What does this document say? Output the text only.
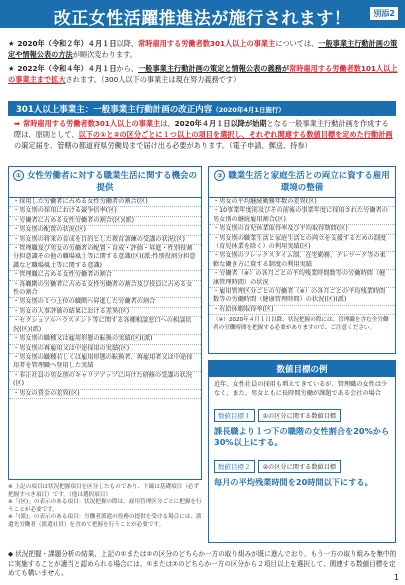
改正女性活躍推進法が施行されます！	別添2

★ 2020年（令和２年）４月１日以降、常時雇用する労働者数301人以上の事業主については、一般事業主行動計画の策定や情報公表の方法が順次変わります。

★ 2022年（令和４年）４月１日から、一般事業主行動計画の策定と情報公表の義務が常時雇用する労働者数101人以上の事業主まで拡大されます。（300人以下の事業主は現在努力義務です）

301人以上事業主：一般事業主行動計画の改正内容（2020年4月1日施行）
➡ 常時雇用する労働者数301人以上の事業主は、2020年４月１日以降が始期となる一般事業主行動計画を作成する際は、原則として、以下の①と②の区分ごとに１つ以上の項目を選択し、それぞれ関連する数値目標を定めた行動計画の策定届を、管轄の都道府県労働局まで届け出る必要があります。（電子申請、郵送、持参）
① 女性労働者に対する職業生活に関する機会の提供
・採用した労働者に占める女性労働者の割合(区)
・男女別の採用における競争倍率(区)
・労働者に占める女性労働者の割合(区)(派)
・男女別の配置の状況(区)
・男女別の将来の育成を目的とした教育訓練の受講の状況(区)
・管理職及び男女の労働者の配置・育成・評価・昇進・性別役割分担意識その他の職場風土等に関する意識(区)(派:性別役割分担意識など職場風土等に関する意識)
・管理職に占める女性労働者の割合
・各職階の労働者に占める女性労働者の割合及び役員に占める女性の割合
・男女別の１つ上位の職階へ昇進した労働者の割合
・男女の人事評価の結果における差異(区)
・セクシュアルハラスメント等に関する各種相談窓口への相談状況(区)(派)
・男女別の職種又は雇用形態の転換の実績(区)(派)
・男女別の再雇用又は中途採用の実績(区)
・男女別の職種若しくは雇用形態の転換者、再雇用者又は中途採用者を管理職へ登用した実績
・非正社員の男女別のキャリアアップに向けた研修の受講の状況(区)
・男女の賃金の差異(区)
② 職業生活と家庭生活との両立に資する雇用環境の整備
・男女の平均継続勤務年数の差異(区)
・10事業年度前及びその前後の事業年度に採用された労働者の男女別の継続雇用割合(区)
・男女別の育児休業取得率及び平均取得期間(区)
・男女別の職業生活と家庭生活との両立を支援するための制度（育児休業を除く）の利用実績(区)
・男女別のフレックスタイム制、在宅勤務、テレワーク等の柔軟な働き方に資する制度の利用実績
・労働者（※）の各月ごとの平均残業時間数等の労働時間（健康管理時間）の状況
・雇用管理区分ごとの労働者（※）の各月ごとの平均残業時間数等の労働時間（健康管理時間）の状況(区)(派)
・有給休暇取得率(区)
（※）2020年４月１日以降、状況把握の際には、管理職を含む全労働者の労働時間を把握する必要がありますので、ご注意ください。

※ 上記の項目は状況把握項目を区分したものであり、下線は基礎項目（必ず把握すべき項目）です。（他は選択項目）

※「(区)」の表示のある項目：状況把握の際は、雇用管理区分ごとに把握を行うことが必要です。

※「(派)」の表示のある項目：労働者派遣の役務の提供を受ける場合には、派遣先労働者（派遣社員）を含めて把握を行うことが必要です。

数値目標の例
近年、女性社員の採用も増えてきているが、管理職の女性は少なく、また、男女ともに長時間労働が課題である会社の場合
数値目標１ ①の区分に関する数値目標
課長職より１つ下の職階の女性割合を20%から30%以上にする。
数値目標２ ②の区分に関する数値目標
毎月の平均残業時間を20時間以下にする。
◆ 状況把握・課題分析の結果、上記の①または②の区分のどちらか一方の取り組みが既に進んでおり、もう一方の取り組みを集中的に実施することが適当と認められる場合には、①または②のどちらか一方の区分から２項目以上を選択して、関連する数値目標を定めても構いません。	1
